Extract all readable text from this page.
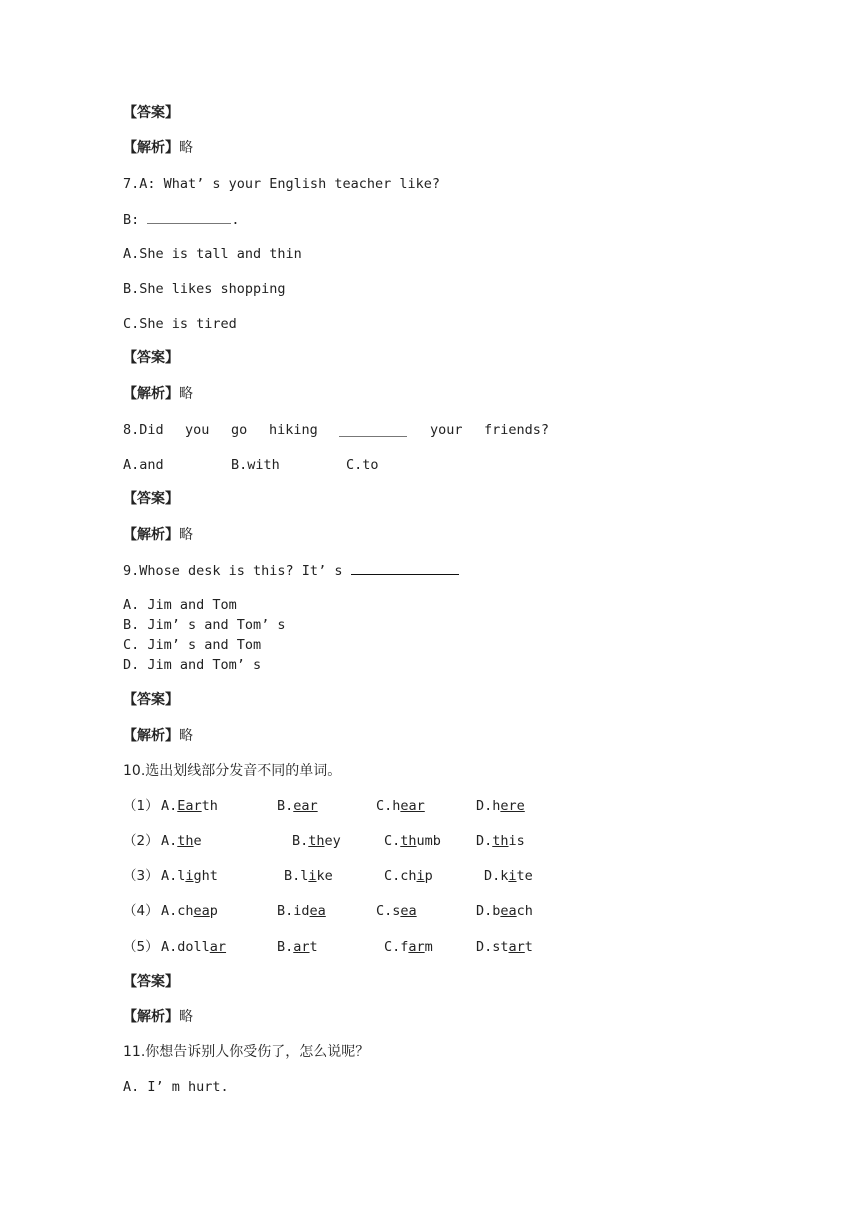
【答案】
【解析】略
7.A: What’ s your English teacher like?
B:	.
A.She is tall and thin
B.She likes shopping
C.She is tired
【答案】
【解析】略
8.Did you go hiking	your friends?
A.and	B.with	C.to
【答案】
【解析】略
9.Whose desk is this? It’ s
A. Jim and Tom
B. Jim’ s and Tom’ s
C. Jim’ s and Tom
D. Jim and Tom’ s
【答案】
【解析】略
10.选出划线部分发音不同的单词。
（1） A.Earth	B.ear	C.hear	D.here
（2） A.the	B.they	C.thumb	D.this
（3） A.light	B.like	C.chip	D.kite
（4） A.cheap	B.idea	C.sea	D.beach
（5） A.dollar	B.art	C.farm	D.start
【答案】
【解析】略
11.你想告诉别人你受伤了，怎么说呢？
A. I’ m hurt.
